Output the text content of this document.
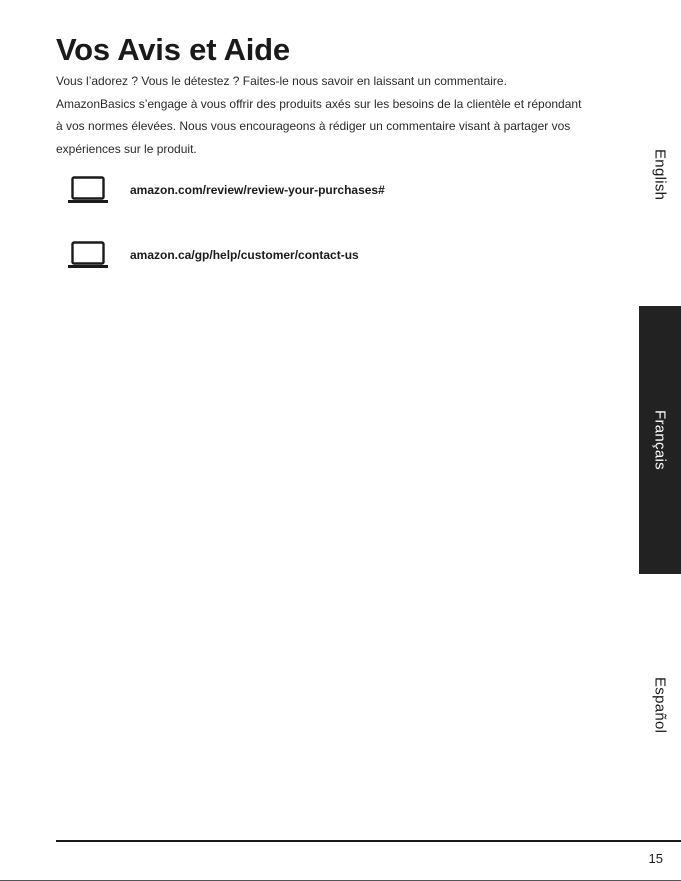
Vos Avis et Aide

Vous l’adorez ? Vous le détestez ? Faites-le nous savoir en laissant un commentaire.

AmazonBasics s’engage à vous offrir des produits axés sur les besoins de la clientèle et répondant

à vos normes élevées. Nous vous encourageons à rédiger un commentaire visant à partager vos

expériences sur le produit.

amazon.com/review/review-your-purchases#
amazon.ca/gp/help/customer/contact-us
English
Français
Español
15
